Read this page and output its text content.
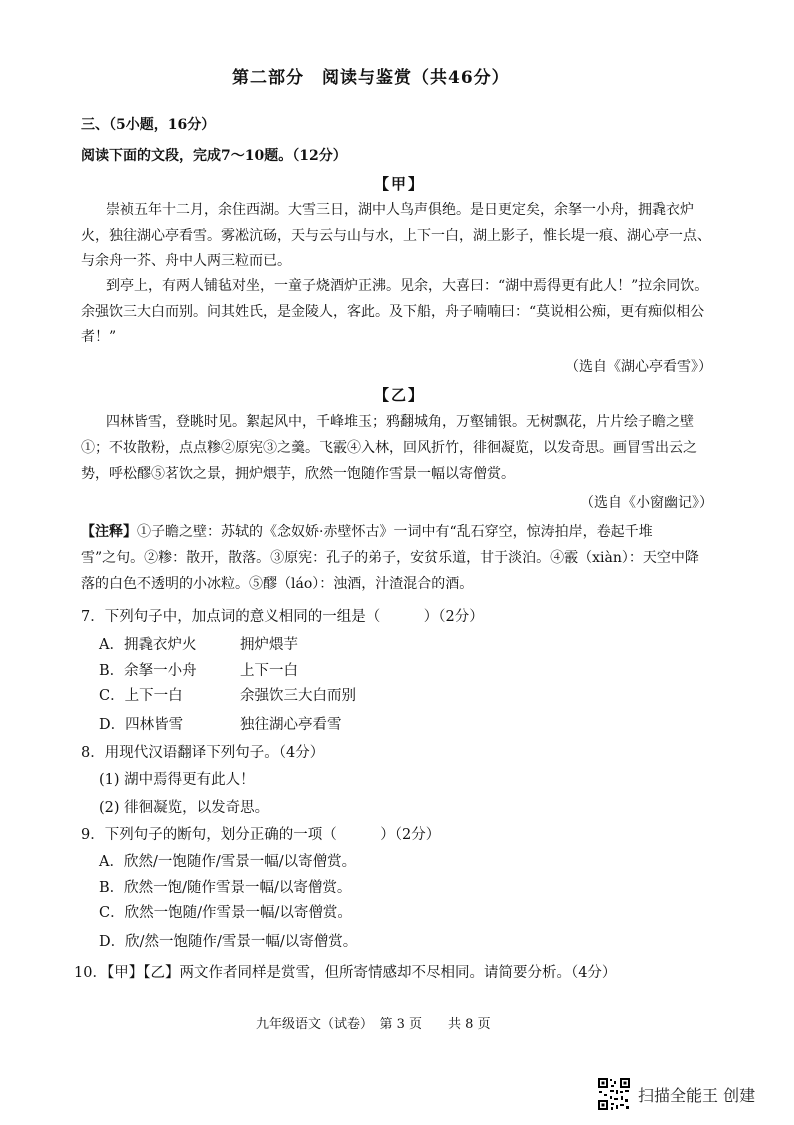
第二部分　阅读与鉴赏（共46分）
三、（5小题，16分）
阅读下面的文段，完成7～10题。（12分）
【甲】
崇祯五年十二月，余住西湖。大雪三日，湖中人鸟声俱绝。是日更定矣，余拏一小舟，拥毳衣炉
火，独往湖心亭看雪。雾凇沆砀，天与云与山与水，上下一白，湖上影子，惟长堤一痕、湖心亭一点、
与余舟一芥、舟中人两三粒而已。
到亭上，有两人铺毡对坐，一童子烧酒炉正沸。见余，大喜曰：“湖中焉得更有此人！”拉余同饮。
余强饮三大白而别。问其姓氏，是金陵人，客此。及下船，舟子喃喃曰：“莫说相公痴，更有痴似相公
者！”
（选自《湖心亭看雪》）
【乙】
四林皆雪，登眺时见。絮起风中，千峰堆玉；鸦翻城角，万壑铺银。无树飘花，片片绘子瞻之壁
①；不妆散粉，点点糁②原宪③之羹。飞霰④入林，回风折竹，徘徊凝览，以发奇思。画冒雪出云之
势，呼松醪⑤茗饮之景，拥炉煨芋，欣然一饱随作雪景一幅以寄僧赏。
（选自《小窗幽记》）
【注释】①子瞻之壁：苏轼的《念奴娇·赤壁怀古》一词中有“乱石穿空，惊涛拍岸，卷起千堆
雪”之句。②糁：散开，散落。③原宪：孔子的弟子，安贫乐道，甘于淡泊。④霰（xiàn）：天空中降
落的白色不透明的小冰粒。⑤醪（láo）：浊酒，汁渣混合的酒。
7．下列句子中，加点词的意义相同的一组是（　　　）（2分）
A．拥毳衣炉火	拥炉煨芋
B．余拏一小舟	上下一白
C．上下一白	余强饮三大白而别
D．四林皆雪	独往湖心亭看雪
8．用现代汉语翻译下列句子。（4分）
(1) 湖中焉得更有此人！
(2) 徘徊凝览，以发奇思。
9．下列句子的断句，划分正确的一项（　　　）（2分）
A．欣然/一饱随作/雪景一幅/以寄僧赏。
B．欣然一饱/随作雪景一幅/以寄僧赏。
C．欣然一饱随/作雪景一幅/以寄僧赏。
D．欣/然一饱随作/雪景一幅/以寄僧赏。
10．【甲】【乙】两文作者同样是赏雪，但所寄情感却不尽相同。请简要分析。（4分）
九年级语文（试卷）　第 3 页　　共 8 页
扫描全能王 创建
